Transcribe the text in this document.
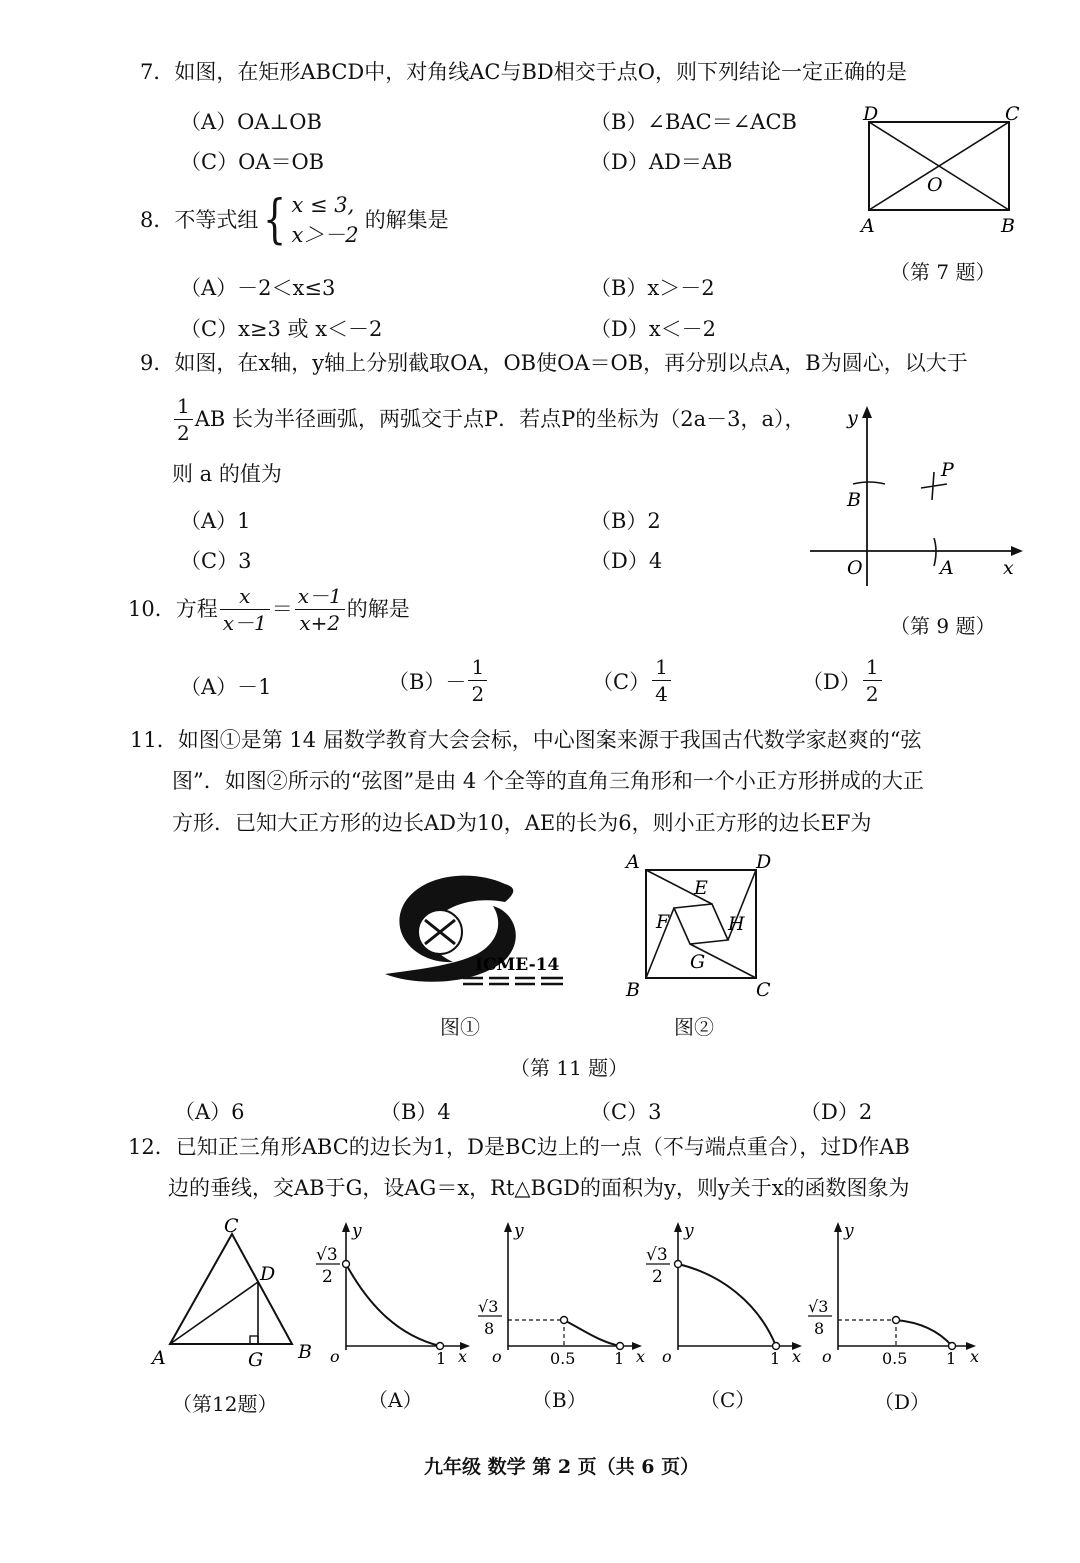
7．如图，在矩形ABCD中，对角线AC与BD相交于点O，则下列结论一定正确的是
（A）OA⊥OB	（B）∠BAC＝∠ACB
（C）OA＝OB	（D）AD＝AB
D	C
O
A	B
（第 7 题）
8．不等式组 { x ≤ 3,
x＞－2
的解集是
（A）－2＜x≤3	（B）x＞－2
（C）x≥3 或 x＜－2	（D）x＜－2
9．如图，在x轴，y轴上分别截取OA，OB使OA＝OB，再分别以点A，B为圆心，以大于
$\frac{1}{2}$ AB 长为半径画弧，两弧交于点P．若点P的坐标为（2a－3，a），
则 a 的值为
（A）1	（B）2
（C）3	（D）4
y
P
B
O	A	x
（第 9 题）
10．方程 $\frac{x}{x-1} = \frac{x-1}{x+2}$ 的解是
（A）－1	$(B)- \frac{1}{2}$	$(C) \frac{1}{4}$	$(D) \frac{1}{2}$
11．如图①是第 14 届数学教育大会会标，中心图案来源于我国古代数学家赵爽的“弦
图”．如图②所示的“弦图”是由 4 个全等的直角三角形和一个小正方形拼成的大正
方形．已知大正方形的边长AD为10，AE的长为6，则小正方形的边长EF为
ICME-14
图①
A	D
E
F	H
G
B	C
图②
（第 11 题）
（A）6	（B）4	（C）3	（D）2
12．已知正三角形ABC的边长为1，D是BC边上的一点（不与端点重合），过D作AB
边的垂线，交AB于G，设AG＝x，Rt△BGD的面积为y，则y关于x的函数图象为
C
D
A	G B
（第12题）
√3
2
y
o	1 x
（A）
√3
8
y
o	0.5 1 x
（B）
√3
2
y
o	1 x
（C）
√3
8
y
o	0.5 1 x
（D）
九年级 数学 第 2 页（共 6 页）
